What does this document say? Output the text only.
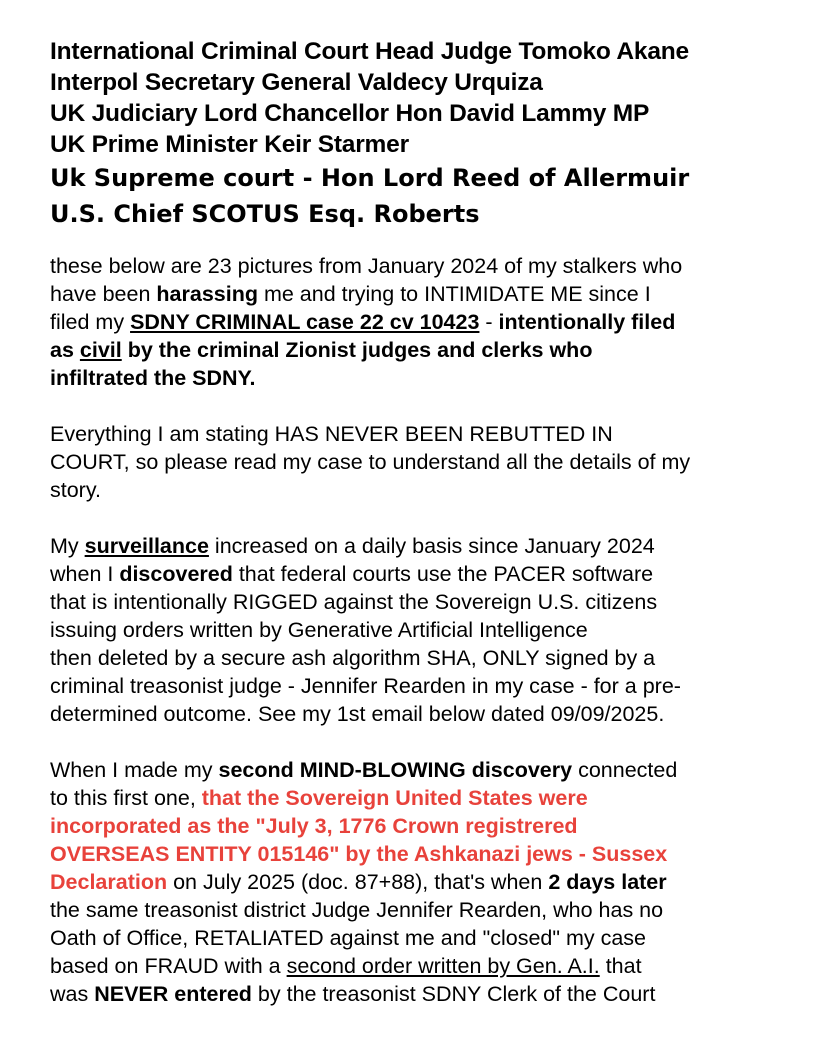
International Criminal Court Head Judge Tomoko Akane
Interpol Secretary General Valdecy Urquiza
UK Judiciary Lord Chancellor Hon David Lammy MP
UK Prime Minister Keir Starmer
Uk Supreme court - Hon Lord Reed of Allermuir
U.S. Chief SCOTUS Esq. Roberts

these below are 23 pictures from January 2024 of my stalkers who
have been harassing me and trying to INTIMIDATE ME since I
filed my SDNY CRIMINAL case 22 cv 10423 - intentionally filed
as civil by the criminal Zionist judges and clerks who
infiltrated the SDNY.

Everything I am stating HAS NEVER BEEN REBUTTED IN
COURT, so please read my case to understand all the details of my
story.

My surveillance increased on a daily basis since January 2024
when I discovered that federal courts use the PACER software
that is intentionally RIGGED against the Sovereign U.S. citizens
issuing orders written by Generative Artificial Intelligence
then deleted by a secure ash algorithm SHA, ONLY signed by a
criminal treasonist judge - Jennifer Rearden in my case - for a pre-
determined outcome. See my 1st email below dated 09/09/2025.

When I made my second MIND-BLOWING discovery connected
to this first one, that the Sovereign United States were
incorporated as the "July 3, 1776 Crown registrered
OVERSEAS ENTITY 015146" by the Ashkanazi jews - Sussex
Declaration on July 2025 (doc. 87+88), that's when 2 days later
the same treasonist district Judge Jennifer Rearden, who has no
Oath of Office, RETALIATED against me and "closed" my case
based on FRAUD with a second order written by Gen. A.I. that
was NEVER entered by the treasonist SDNY Clerk of the Court
